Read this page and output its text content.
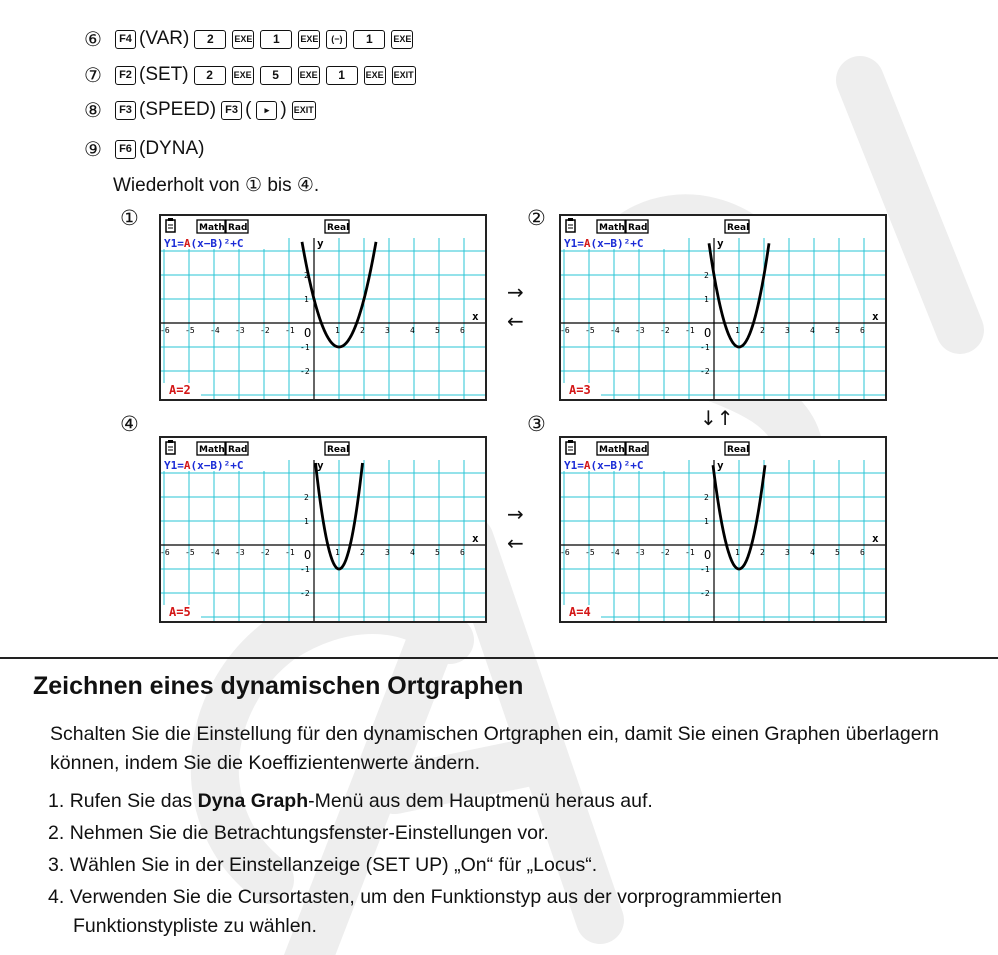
⑥	F4 (VAR)	2	EXE	1	EXE	(−)	1	EXE
⑦	F2 (SET)	2	EXE	5	EXE	1	EXE EXIT
⑧	F3 (SPEED) F3 (	▸ ) EXIT
⑨	F6 (DYNA)
Wiederholt von ① bis ④.
①	②
④	③
-6 -5 -4 -3 -2 -1	1	2	3	4	5	6
1
2
-1
-2
O
x
y
Math Rad	Real
Y1=A(x−B)²+C
A=2
-6 -5 -4 -3 -2 -1	1	2	3	4	5	6
1
2
-1
-2
O
x
y
Math Rad	Real
Y1=A(x−B)²+C
A=3
-6 -5 -4 -3 -2 -1	1	2	3	4	5	6
1
2
-1
-2
O
x
y
Math Rad	Real
Y1=A(x−B)²+C
A=5
-6 -5 -4 -3 -2 -1	1	2	3	4	5	6
1
2
-1
-2
O
x
y
Math Rad	Real
Y1=A(x−B)²+C
A=4
→
←
↓↑
→
←
Zeichnen eines dynamischen Ortgraphen
Schalten Sie die Einstellung für den dynamischen Ortgraphen ein, damit Sie einen Graphen überlagern können, indem Sie die Koeffizientenwerte ändern.
1. Rufen Sie das Dyna Graph-Menü aus dem Hauptmenü heraus auf.
2. Nehmen Sie die Betrachtungsfenster-Einstellungen vor.
3. Wählen Sie in der Einstellanzeige (SET UP) „On“ für „Locus“.
4. Verwenden Sie die Cursortasten, um den Funktionstyp aus der vorprogrammierten
Funktionstypliste zu wählen.
